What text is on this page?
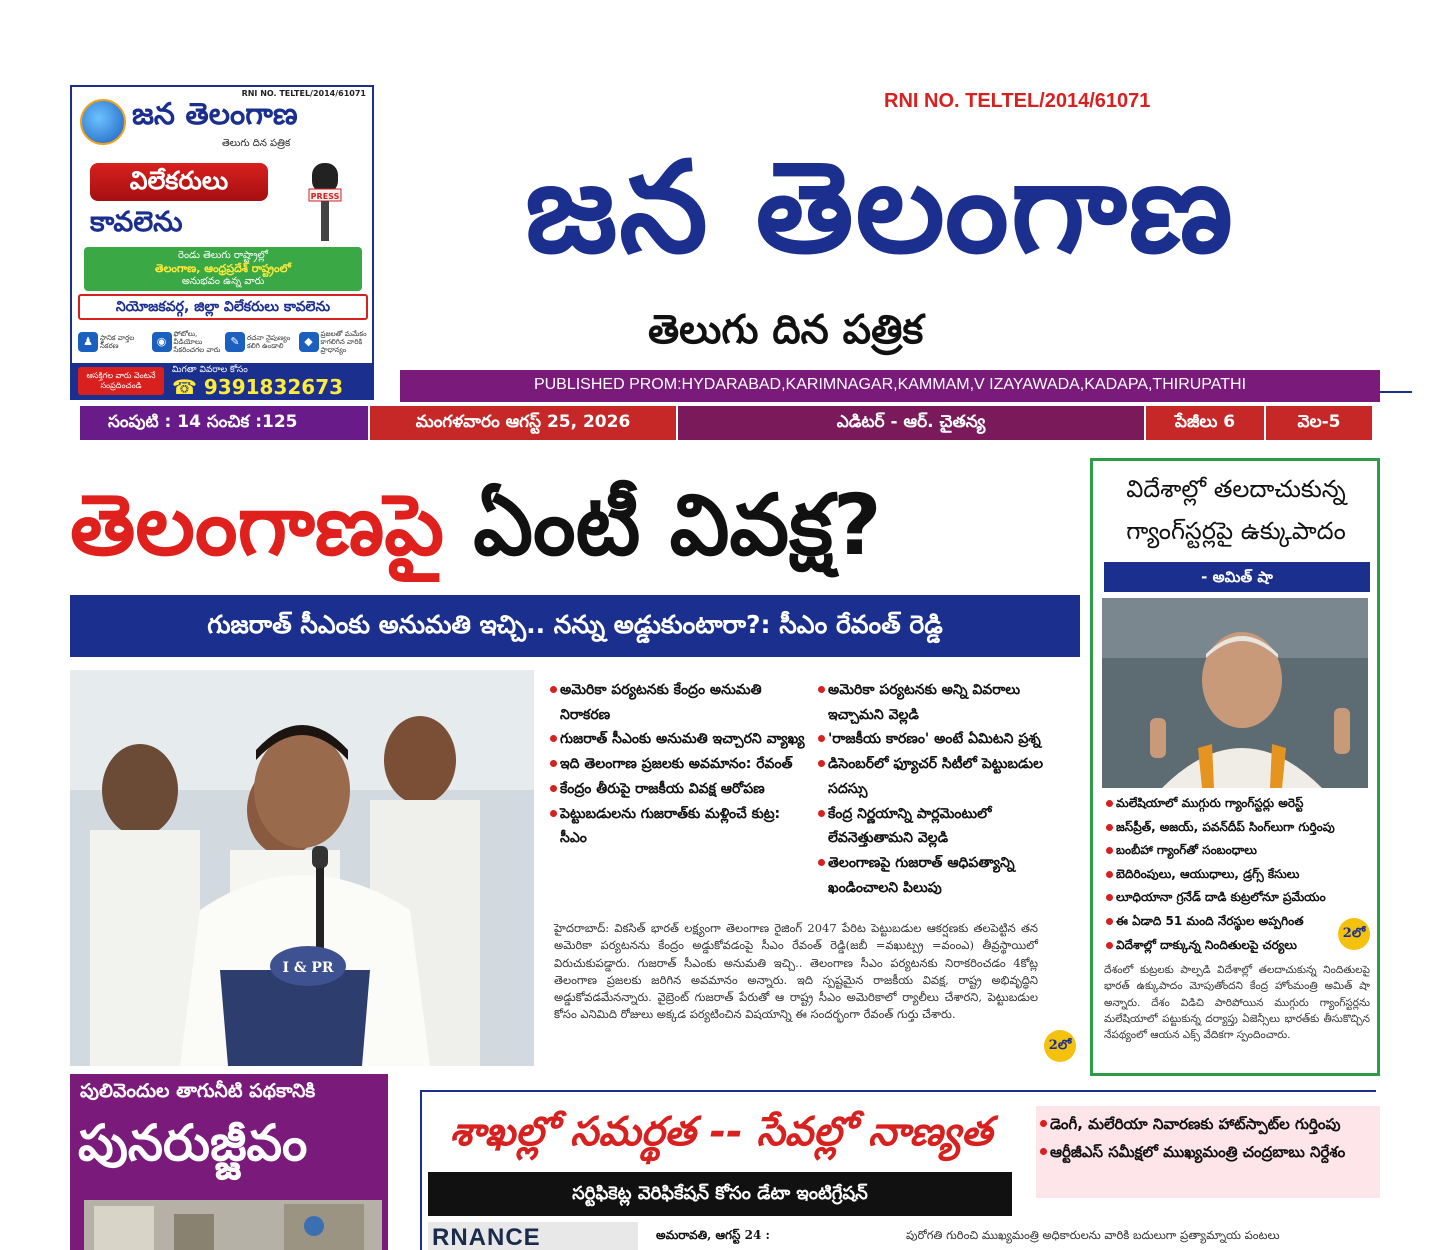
RNI NO. TELTEL/2014/61071
జన తెలంగాణ
తెలుగు దిన పత్రిక
విలేకరులు
కావలెను
PRESS
రెండు తెలుగు రాష్ట్రాల్లో
తెలంగాణ, ఆంధ్రప్రదేశ్ రాష్ట్రంలో
అనుభవం ఉన్న వారు
నియోజకవర్గ, జిల్లా విలేకరులు కావలెను
♟	స్థానిక వార్తల సేకరణ	◉
ఫోటోలు, వీడియోలు సేకరించగల వారు
✎	రచనా నైపుణ్యం కలిగి ఉండాలి	◆
ప్రజలతో మమేకం కాగలిగిన వారికి ప్రాధాన్యం
ఆసక్తిగల వారు వెంటనే సంప్రదించండి
మిగతా వివరాల కోసం
☎ 9391832673
RNI NO. TELTEL/2014/61071
జన తెలంగాణ
తెలుగు దిన పత్రిక
PUBLISHED PROM:HYDARABAD,KARIMNAGAR,KAMMAM,V IZAYAWADA,KADAPA,THIRUPATHI
సంపుటి : 14 సంచిక :125	మంగళవారం ఆగస్ట్ 25, 2026	ఎడిటర్ - ఆర్. చైతన్య	పేజీలు 6	వెల-5
తెలంగాణపై ఏంటీ వివక్ష?
గుజరాత్ సీఎంకు అనుమతి ఇచ్చి.. నన్ను అడ్డుకుంటారా?: సీఎం రేవంత్ రెడ్డి
I & PR
అమెరికా పర్యటనకు కేంద్రం అనుమతి నిరాకరణ
గుజరాత్ సీఎంకు అనుమతి ఇచ్చారని వ్యాఖ్య
ఇది తెలంగాణ ప్రజలకు అవమానం: రేవంత్
కేంద్రం తీరుపై రాజకీయ వివక్ష ఆరోపణ
పెట్టుబడులను గుజరాత్‌కు మళ్లించే కుట్ర: సీఎం
అమెరికా పర్యటనకు అన్ని వివరాలు ఇచ్చామని వెల్లడి
'రాజకీయ కారణం' అంటే ఏమిటని ప్రశ్న
డిసెంబర్‌లో ఫ్యూచర్ సిటీలో పెట్టుబడుల సదస్సు
కేంద్ర నిర్ణయాన్ని పార్లమెంటులో లేవనెత్తుతామని వెల్లడి
తెలంగాణపై గుజరాత్ ఆధిపత్యాన్ని ఖండించాలని పిలుపు
హైదరాబాద్: వికసిత్ భారత్ లక్ష్యంగా తెలంగాణ రైజింగ్ 2047 పేరిట పెట్టుబడుల ఆకర్షణకు తలపెట్టిన తన అమెరికా పర్యటనను కేంద్రం అడ్డుకోవడంపై సీఎం రేవంత్ రెడ్డి(జబీ =వఖుట్ప్ర =వంంఎ) తీవ్రస్థాయిలో విరుచుకుపడ్డారు. గుజరాత్ సీఎంకు అనుమతి ఇచ్చి.. తెలంగాణ సీఎం పర్యటనకు నిరాకరించడం 4కోట్ల తెలంగాణ ప్రజలకు జరిగిన అవమానం అన్నారు. ఇది స్పష్టమైన రాజకీయ వివక్ష, రాష్ట్ర అభివృద్ధిని అడ్డుకోవడమేనన్నారు. వైబ్రెంట్ గుజరాత్ పేరుతో ఆ రాష్ట్ర సీఎం అమెరికాలో ర్యాలీలు చేశారని, పెట్టుబడుల కోసం ఎనిమిది రోజులు అక్కడ పర్యటించిన విషయాన్ని ఈ సందర్భంగా రేవంత్ గుర్తు చేశారు.
2లో
విదేశాల్లో తలదాచుకున్న గ్యాంగ్‌స్టర్లపై ఉక్కుపాదం
- అమిత్ షా
మలేషియాలో ముగ్గురు గ్యాంగ్‌స్టర్లు అరెస్ట్
జస్‌ప్రీత్, అజయ్, పవన్‌దీప్ సింగ్‌లుగా గుర్తింపు
బంబీహా గ్యాంగ్‌తో సంబంధాలు
బెదిరింపులు, ఆయుధాలు, డ్రగ్స్ కేసులు
లూధియానా గ్రనేడ్ దాడి కుట్రలోనూ ప్రమేయం
ఈ ఏడాది 51 మంది నేరస్థుల అప్పగింత
విదేశాల్లో దాక్కున్న నిందితులపై చర్యలు
2లో
దేశంలో కుట్రలకు పాల్పడి విదేశాల్లో తలదాచుకున్న నిందితులపై భారత్ ఉక్కుపాదం మోపుతోందని కేంద్ర హోంమంత్రి అమిత్ షా అన్నారు. దేశం విడిచి పారిపోయిన ముగ్గురు గ్యాంగ్‌స్టర్లను మలేషియాలో పట్టుకున్న దర్యాప్తు ఏజెన్సీలు భారత్‌కు తీసుకొచ్చిన నేపథ్యంలో ఆయన ఎక్స్ వేదికగా స్పందించారు.
పులివెందుల తాగునీటి పథకానికి
పునరుజ్జీవం	శాఖల్లో సమర్థత -- సేవల్లో నాణ్యత
సర్టిఫికెట్ల వెరిఫికేషన్ కోసం డేటా ఇంటిగ్రేషన్
RNANCE	అమరావతి, ఆగస్ట్ 24 :	పురోగతి గురించి ముఖ్యమంత్రి అధికారులను వారికి బదులుగా ప్రత్యామ్నాయ పంటలు
డెంగీ, మలేరియా నివారణకు హాట్‌స్పాట్‌ల గుర్తింపు
ఆర్టీజీఎస్ సమీక్షలో ముఖ్యమంత్రి చంద్రబాబు నిర్దేశం
